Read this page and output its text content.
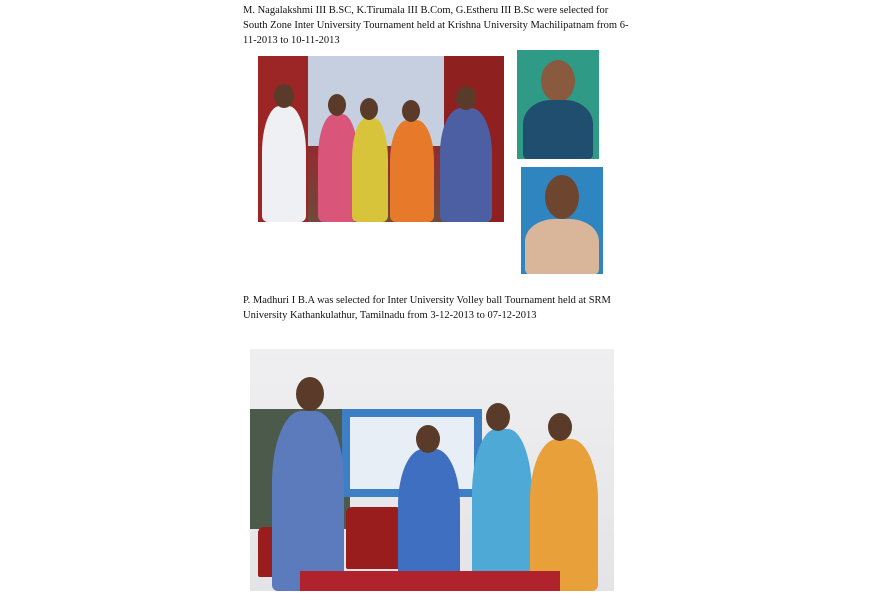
M. Nagalakshmi III B.SC, K.Tirumala III B.Com, G.Estheru III B.Sc were selected for South Zone Inter University Tournament held at Krishna University Machilipatnam from 6-11-2013 to 10-11-2013

P. Madhuri I B.A was selected for Inter University Volley ball Tournament held at SRM University Kathankulathur, Tamilnadu from 3-12-2013 to 07-12-2013
